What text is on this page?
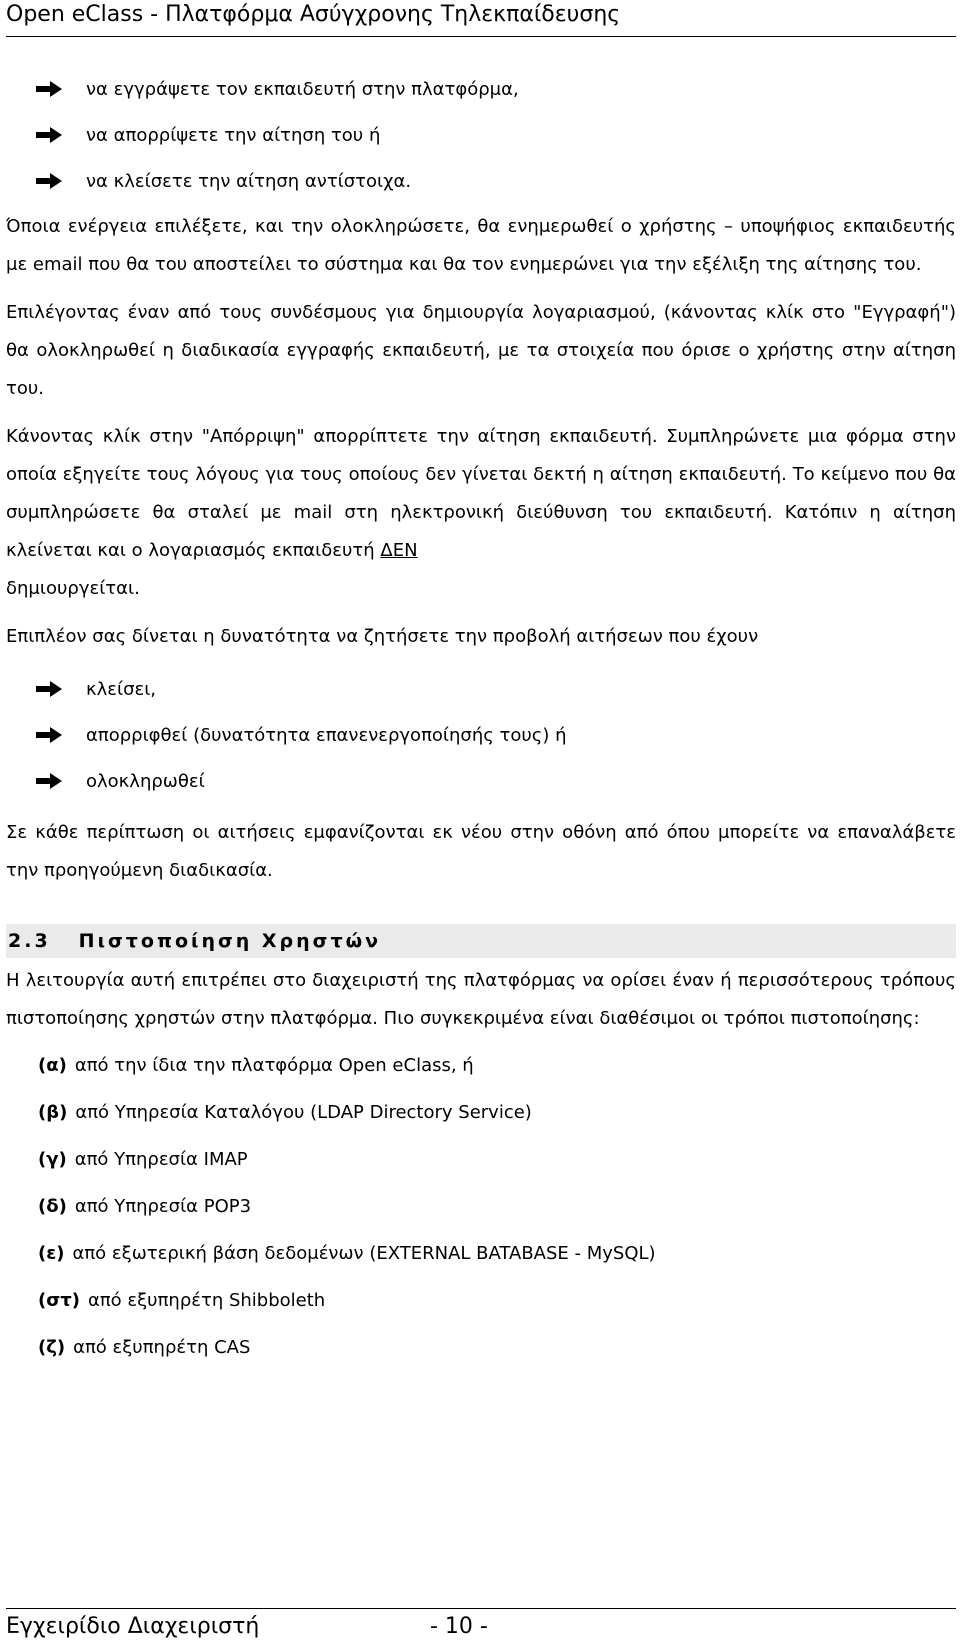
Open eClass - Πλατφόρμα Ασύγχρονης Τηλεκπαίδευσης
να εγγράψετε τον εκπαιδευτή στην πλατφόρμα,
να απορρίψετε την αίτηση του ή
να κλείσετε την αίτηση αντίστοιχα.

Όποια ενέργεια επιλέξετε, και την ολοκληρώσετε, θα ενημερωθεί ο χρήστης – υποψήφιος εκπαιδευτής με email που θα του αποστείλει το σύστημα και θα τον ενημερώνει για την εξέλιξη της αίτησης του.

Επιλέγοντας έναν από τους συνδέσμους για δημιουργία λογαριασμού, (κάνοντας κλίκ στο "Εγγραφή") θα ολοκληρωθεί η διαδικασία εγγραφής εκπαιδευτή, με τα στοιχεία που όρισε ο χρήστης στην αίτηση του.

Κάνοντας κλίκ στην "Απόρριψη" απορρίπτετε την αίτηση εκπαιδευτή. Συμπληρώνετε μια φόρμα στην οποία εξηγείτε τους λόγους για τους οποίους δεν γίνεται δεκτή η αίτηση εκπαιδευτή. Το κείμενο που θα συμπληρώσετε θα σταλεί με mail στη ηλεκτρονική διεύθυνση του εκπαιδευτή. Κατόπιν η αίτηση κλείνεται και ο λογαριασμός εκπαιδευτή ΔΕΝ
δημιουργείται.

Επιπλέον σας δίνεται η δυνατότητα να ζητήσετε την προβολή αιτήσεων που έχουν

κλείσει,
απορριφθεί (δυνατότητα επανενεργοποίησής τους) ή
ολοκληρωθεί

Σε κάθε περίπτωση οι αιτήσεις εμφανίζονται εκ νέου στην οθόνη από όπου μπορείτε να επαναλάβετε την προηγούμενη διαδικασία.

2.3 Πιστοποίηση Χρηστών

Η λειτουργία αυτή επιτρέπει στο διαχειριστή της πλατφόρμας να ορίσει έναν ή περισσότερους τρόπους πιστοποίησης χρηστών στην πλατφόρμα. Πιο συγκεκριμένα είναι διαθέσιμοι οι τρόποι πιστοποίησης:

(α) από την ίδια την πλατφόρμα Open eClass, ή
(β) από Υπηρεσία Καταλόγου (LDAP Directory Service)
(γ) από Υπηρεσία IMAP
(δ) από Υπηρεσία POP3
(ε) από εξωτερική βάση δεδομένων (EXTERNAL BATABASE - MySQL)
(στ) από εξυπηρέτη Shibboleth
(ζ) από εξυπηρέτη CAS
Εγχειρίδιο Διαχειριστή	- 10 -
